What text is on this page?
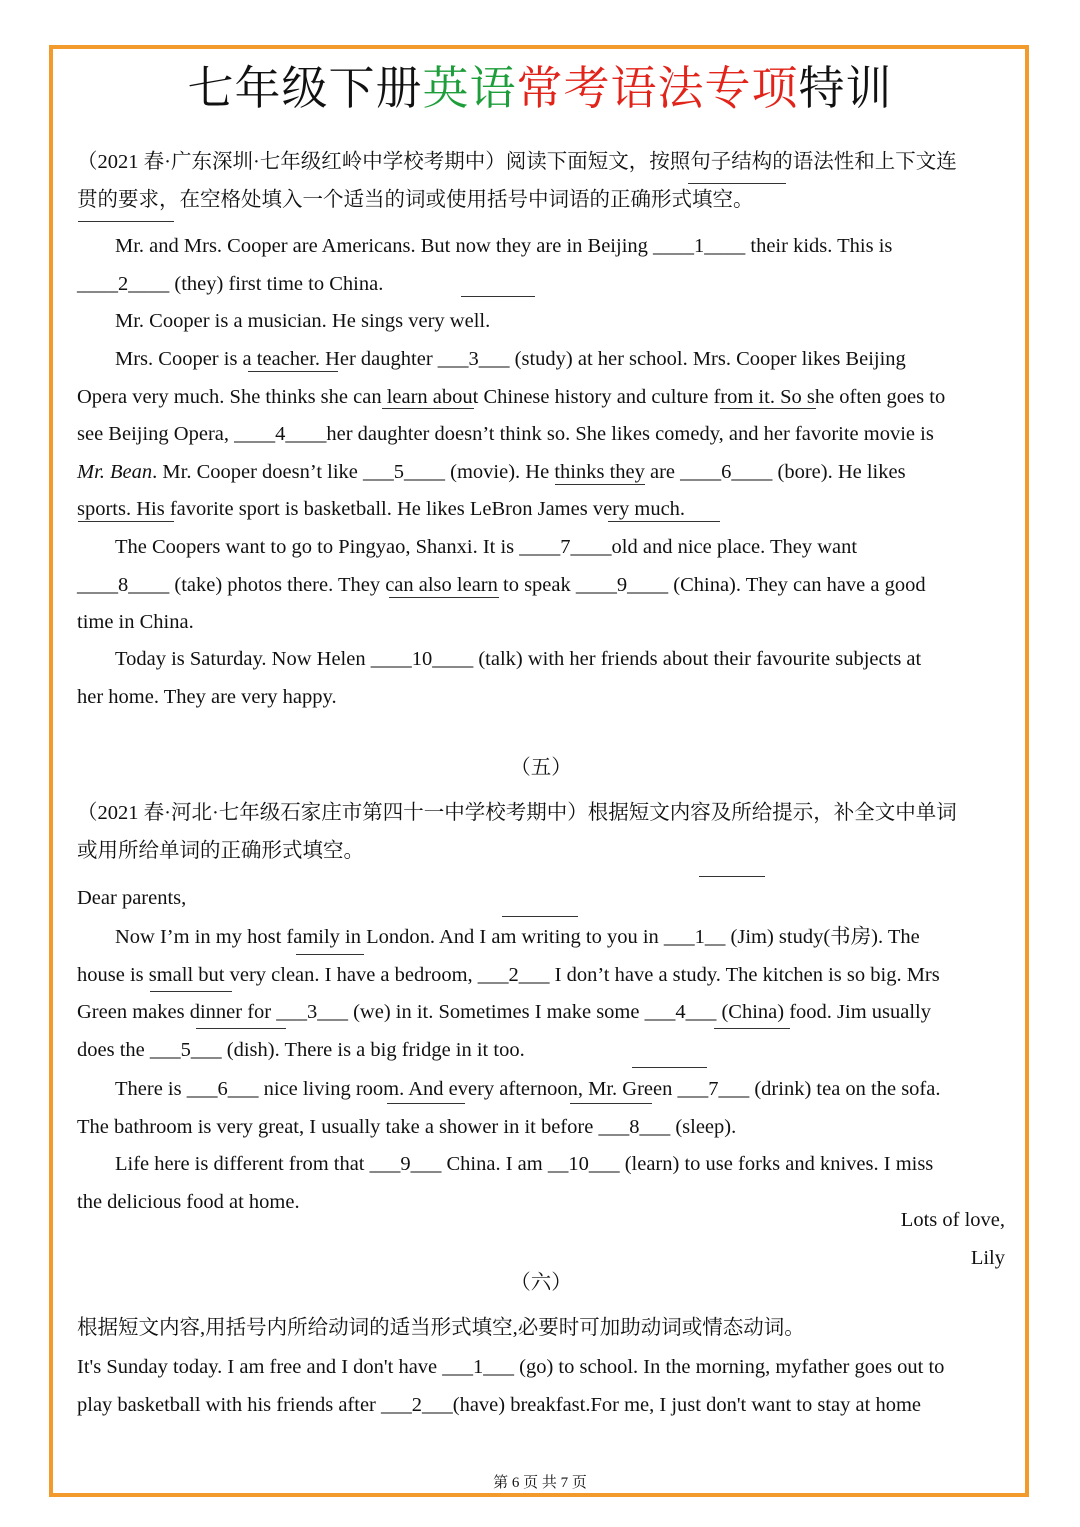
七年级下册英语常考语法专项特训
（2021 春·广东深圳·七年级红岭中学校考期中）阅读下面短文，按照句子结构的语法性和上下文连
贯的要求，在空格处填入一个适当的词或使用括号中词语的正确形式填空。
Mr. and Mrs. Cooper are Americans. But now they are in Beijing ____1____ their kids. This is
____2____ (they) first time to China.
Mr. Cooper is a musician. He sings very well.
Mrs. Cooper is a teacher. Her daughter ___3___ (study) at her school. Mrs. Cooper likes Beijing
Opera very much. She thinks she can learn about Chinese history and culture from it. So she often goes to
see Beijing Opera, ____4____her daughter doesn’t think so. She likes comedy, and her favorite movie is
Mr. Bean. Mr. Cooper doesn’t like ___5____ (movie). He thinks they are ____6____ (bore). He likes
sports. His favorite sport is basketball. He likes LeBron James very much.
The Coopers want to go to Pingyao, Shanxi. It is ____7____old and nice place. They want
____8____ (take) photos there. They can also learn to speak ____9____ (China). They can have a good
time in China.
Today is Saturday. Now Helen ____10____ (talk) with her friends about their favourite subjects at
her home. They are very happy.
（五）
（2021 春·河北·七年级石家庄市第四十一中学校考期中）根据短文内容及所给提示，补全文中单词
或用所给单词的正确形式填空。
Dear parents,
Now I’m in my host family in London. And I am writing to you in ___1__ (Jim) study(书房). The
house is small but very clean. I have a bedroom, ___2___ I don’t have a study. The kitchen is so big. Mrs
Green makes dinner for ___3___ (we) in it. Sometimes I make some ___4___ (China) food. Jim usually
does the ___5___ (dish). There is a big fridge in it too.
There is ___6___ nice living room. And every afternoon, Mr. Green ___7___ (drink) tea on the sofa.
The bathroom is very great, I usually take a shower in it before ___8___ (sleep).
Life here is different from that ___9___ China. I am __10___ (learn) to use forks and knives. I miss
the delicious food at home.
Lots of love,
Lily
（六）
根据短文内容,用括号内所给动词的适当形式填空,必要时可加助动词或情态动词。
It's Sunday today. I am free and I don't have ___1___ (go) to school. In the morning, myfather goes out to
play basketball with his friends after ___2___(have) breakfast.For me, I just don't want to stay at home
第 6 页 共 7 页
